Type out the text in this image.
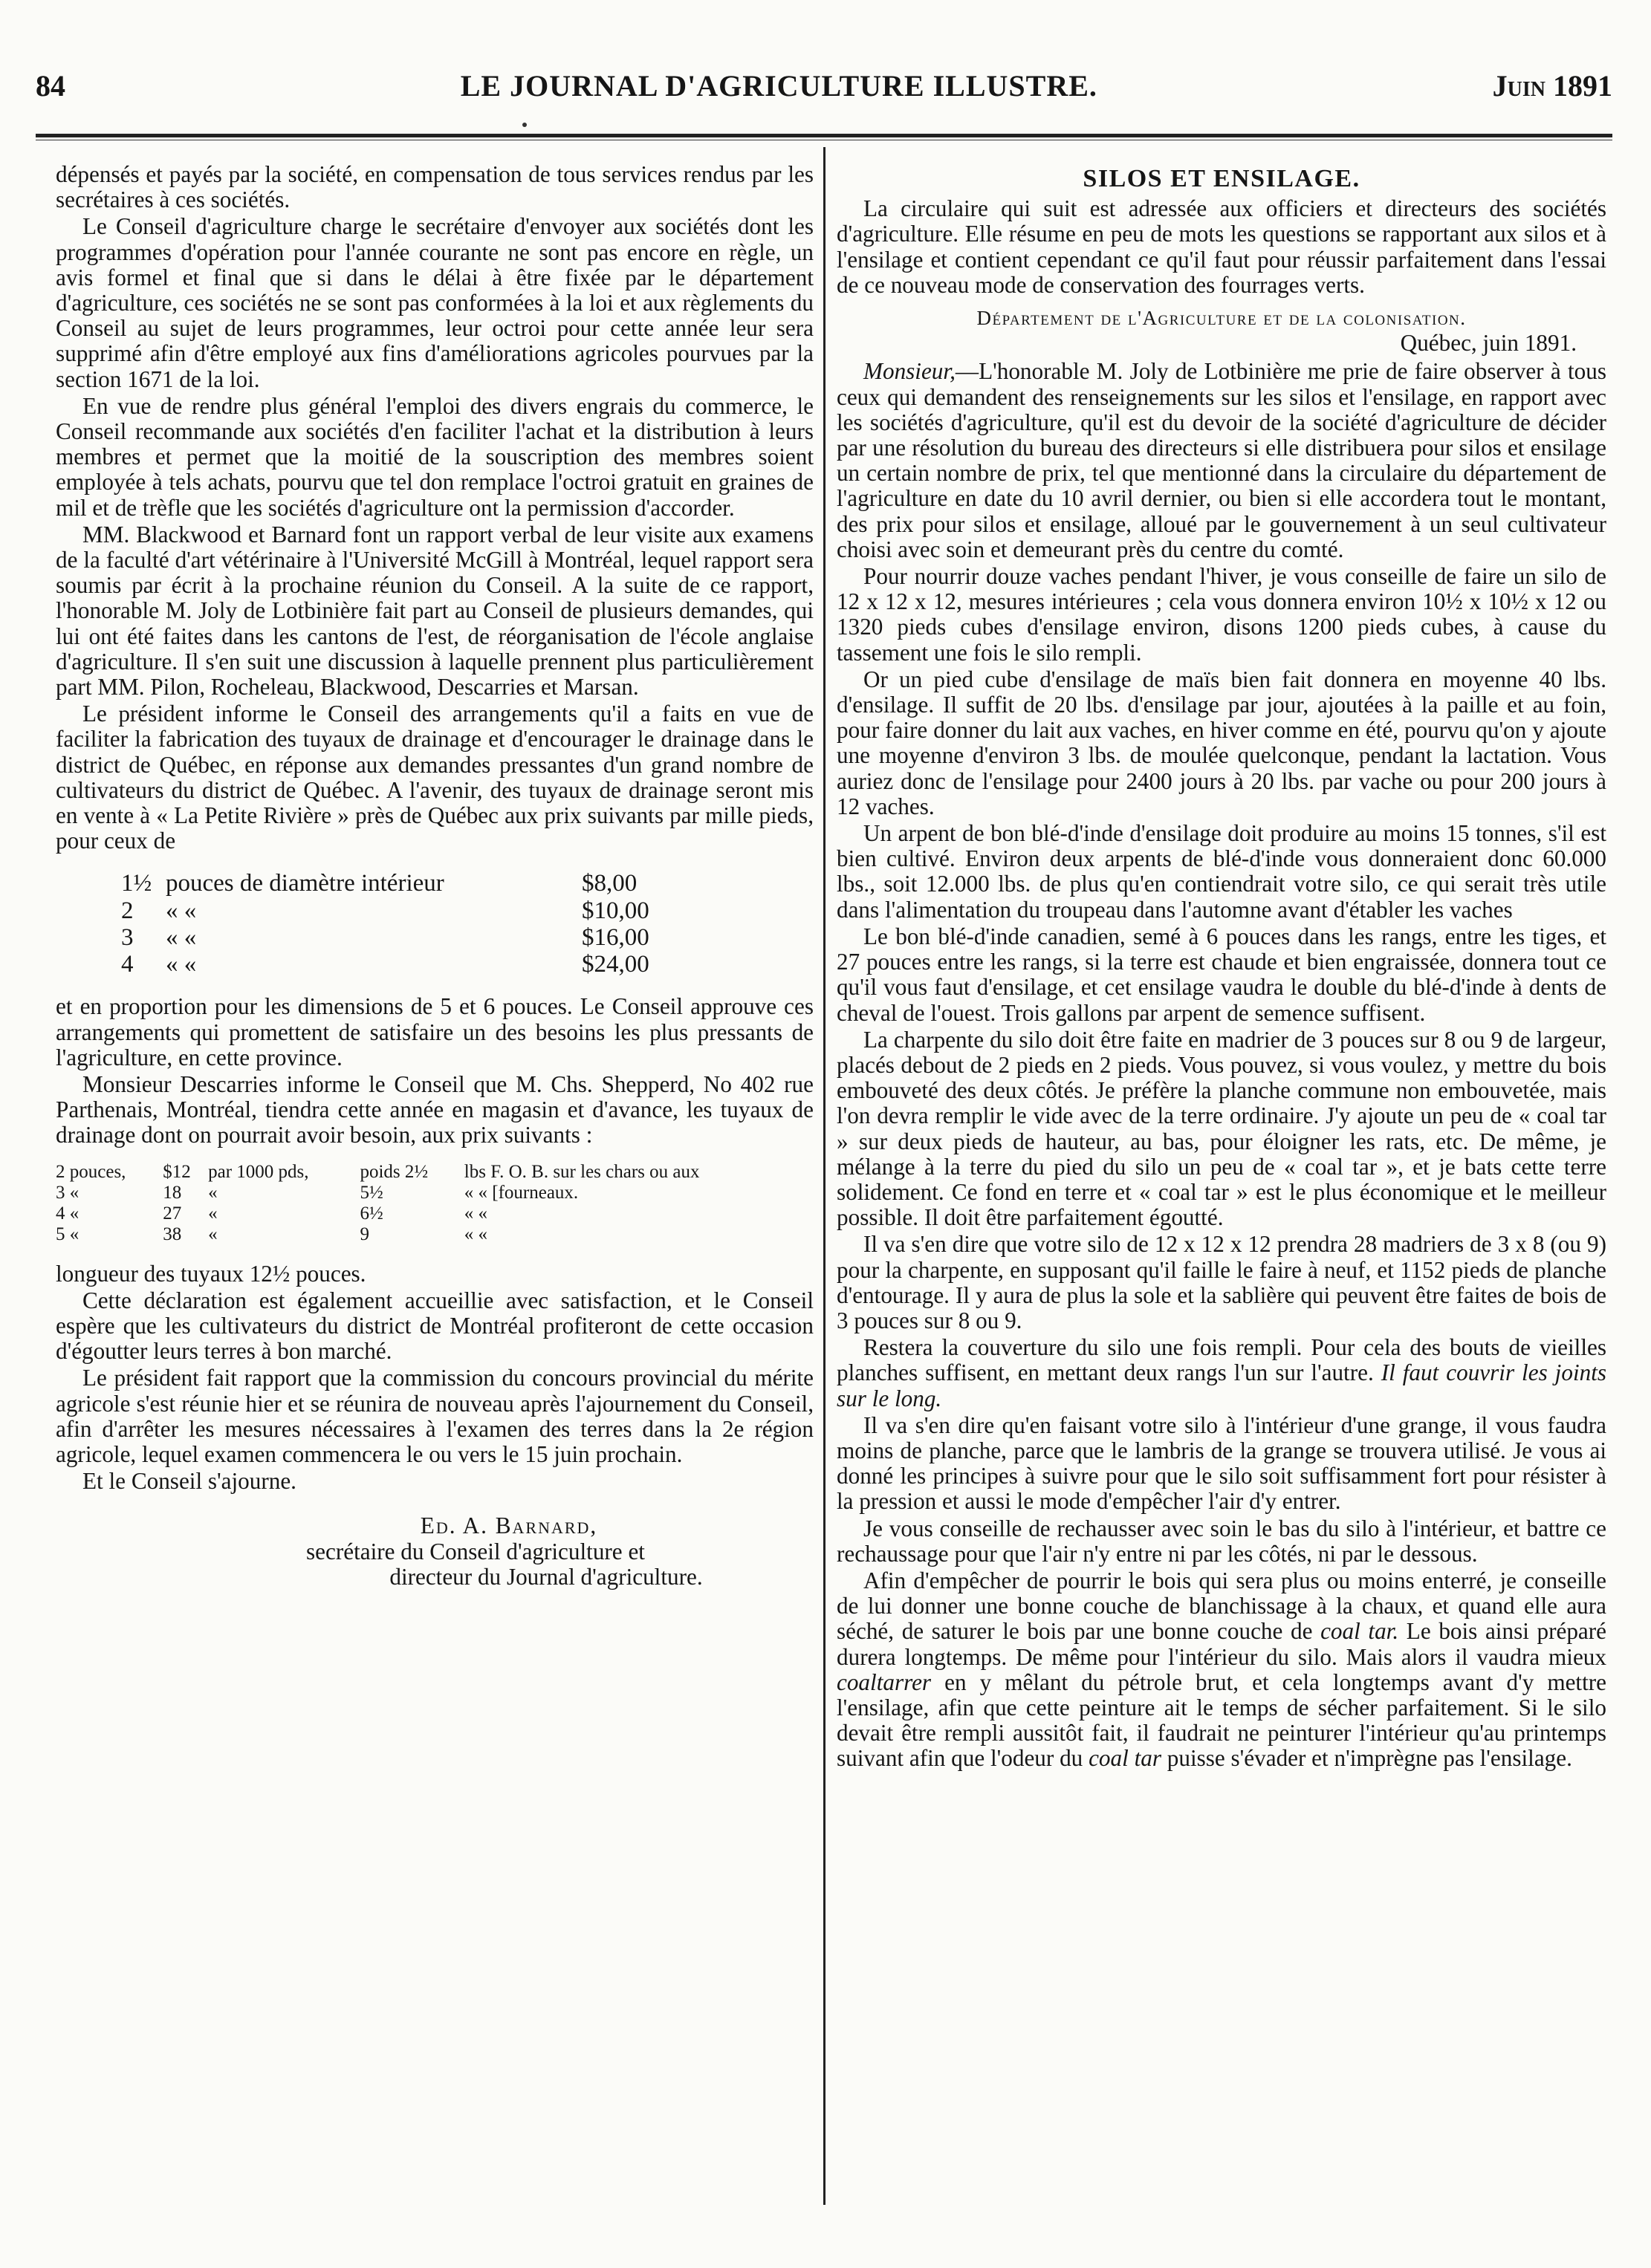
84	LE JOURNAL D'AGRICULTURE ILLUSTRE.	Juin 1891

dépensés et payés par la société, en compensation de tous services rendus par les secrétaires à ces sociétés.

Le Conseil d'agriculture charge le secrétaire d'envoyer aux sociétés dont les programmes d'opération pour l'année courante ne sont pas encore en règle, un avis formel et final que si dans le délai à être fixée par le département d'agriculture, ces sociétés ne se sont pas conformées à la loi et aux règlements du Conseil au sujet de leurs programmes, leur octroi pour cette année leur sera supprimé afin d'être employé aux fins d'améliorations agricoles pourvues par la section 1671 de la loi.

En vue de rendre plus général l'emploi des divers engrais du commerce, le Conseil recommande aux sociétés d'en faciliter l'achat et la distribution à leurs membres et permet que la moitié de la souscription des membres soient employée à tels achats, pourvu que tel don remplace l'octroi gratuit en graines de mil et de trèfle que les sociétés d'agriculture ont la permission d'accorder.

MM. Blackwood et Barnard font un rapport verbal de leur visite aux examens de la faculté d'art vétérinaire à l'Université McGill à Montréal, lequel rapport sera soumis par écrit à la prochaine réunion du Conseil. A la suite de ce rapport, l'honorable M. Joly de Lotbinière fait part au Conseil de plusieurs demandes, qui lui ont été faites dans les cantons de l'est, de réorganisation de l'école anglaise d'agriculture. Il s'en suit une discussion à laquelle prennent plus particulièrement part MM. Pilon, Rocheleau, Blackwood, Descarries et Marsan.

Le président informe le Conseil des arrangements qu'il a faits en vue de faciliter la fabrication des tuyaux de drainage et d'encourager le drainage dans le district de Québec, en réponse aux demandes pressantes d'un grand nombre de cultivateurs du district de Québec. A l'avenir, des tuyaux de drainage seront mis en vente à « La Petite Rivière » près de Québec aux prix suivants par mille pieds, pour ceux de

1½	pouces de diamètre intérieur	$8,00
2	« «	$10,00
3	« «	$16,00
4	« «	$24,00

et en proportion pour les dimensions de 5 et 6 pouces. Le Conseil approuve ces arrangements qui promettent de satisfaire un des besoins les plus pressants de l'agriculture, en cette province.

Monsieur Descarries informe le Conseil que M. Chs. Shepperd, No 402 rue Parthenais, Montréal, tiendra cette année en magasin et d'avance, les tuyaux de drainage dont on pourrait avoir besoin, aux prix suivants :

2 pouces,	$12	par 1000 pds,	poids 2½	lbs F. O. B. sur les chars ou aux
3 «	18	«	5½	« « [fourneaux.
4 «	27	«	6½	« «
5 «	38	«	9	« «

longueur des tuyaux 12½ pouces.

Cette déclaration est également accueillie avec satisfaction, et le Conseil espère que les cultivateurs du district de Montréal profiteront de cette occasion d'égoutter leurs terres à bon marché.

Le président fait rapport que la commission du concours provincial du mérite agricole s'est réunie hier et se réunira de nouveau après l'ajournement du Conseil, afin d'arrêter les mesures nécessaires à l'examen des terres dans la 2e région agricole, lequel examen commencera le ou vers le 15 juin prochain.

Et le Conseil s'ajourne.

Ed. A. Barnard,
secrétaire du Conseil d'agriculture et
directeur du Journal d'agriculture.
SILOS ET ENSILAGE.

La circulaire qui suit est adressée aux officiers et directeurs des sociétés d'agriculture. Elle résume en peu de mots les questions se rapportant aux silos et à l'ensilage et contient cependant ce qu'il faut pour réussir parfaitement dans l'essai de ce nouveau mode de conservation des fourrages verts.

Département de l'Agriculture et de la colonisation.
Québec, juin 1891.

Monsieur,—L'honorable M. Joly de Lotbinière me prie de faire observer à tous ceux qui demandent des renseignements sur les silos et l'ensilage, en rapport avec les sociétés d'agriculture, qu'il est du devoir de la société d'agriculture de décider par une résolution du bureau des directeurs si elle distribuera pour silos et ensilage un certain nombre de prix, tel que mentionné dans la circulaire du département de l'agriculture en date du 10 avril dernier, ou bien si elle accordera tout le montant, des prix pour silos et ensilage, alloué par le gouvernement à un seul cultivateur choisi avec soin et demeurant près du centre du comté.

Pour nourrir douze vaches pendant l'hiver, je vous conseille de faire un silo de 12 x 12 x 12, mesures intérieures ; cela vous donnera environ 10½ x 10½ x 12 ou 1320 pieds cubes d'ensilage environ, disons 1200 pieds cubes, à cause du tassement une fois le silo rempli.

Or un pied cube d'ensilage de maïs bien fait donnera en moyenne 40 lbs. d'ensilage. Il suffit de 20 lbs. d'ensilage par jour, ajoutées à la paille et au foin, pour faire donner du lait aux vaches, en hiver comme en été, pourvu qu'on y ajoute une moyenne d'environ 3 lbs. de moulée quelconque, pendant la lactation. Vous auriez donc de l'ensilage pour 2400 jours à 20 lbs. par vache ou pour 200 jours à 12 vaches.

Un arpent de bon blé-d'inde d'ensilage doit produire au moins 15 tonnes, s'il est bien cultivé. Environ deux arpents de blé-d'inde vous donneraient donc 60.000 lbs., soit 12.000 lbs. de plus qu'en contiendrait votre silo, ce qui serait très utile dans l'alimentation du troupeau dans l'automne avant d'établer les vaches

Le bon blé-d'inde canadien, semé à 6 pouces dans les rangs, entre les tiges, et 27 pouces entre les rangs, si la terre est chaude et bien engraissée, donnera tout ce qu'il vous faut d'ensilage, et cet ensilage vaudra le double du blé-d'inde à dents de cheval de l'ouest. Trois gallons par arpent de semence suffisent.

La charpente du silo doit être faite en madrier de 3 pouces sur 8 ou 9 de largeur, placés debout de 2 pieds en 2 pieds. Vous pouvez, si vous voulez, y mettre du bois embouveté des deux côtés. Je préfère la planche commune non embouvetée, mais l'on devra remplir le vide avec de la terre ordinaire. J'y ajoute un peu de « coal tar » sur deux pieds de hauteur, au bas, pour éloigner les rats, etc. De même, je mélange à la terre du pied du silo un peu de « coal tar », et je bats cette terre solidement. Ce fond en terre et « coal tar » est le plus économique et le meilleur possible. Il doit être parfaitement égoutté.

Il va s'en dire que votre silo de 12 x 12 x 12 prendra 28 madriers de 3 x 8 (ou 9) pour la charpente, en supposant qu'il faille le faire à neuf, et 1152 pieds de planche d'entourage. Il y aura de plus la sole et la sablière qui peuvent être faites de bois de 3 pouces sur 8 ou 9.

Restera la couverture du silo une fois rempli. Pour cela des bouts de vieilles planches suffisent, en mettant deux rangs l'un sur l'autre. Il faut couvrir les joints sur le long.

Il va s'en dire qu'en faisant votre silo à l'intérieur d'une grange, il vous faudra moins de planche, parce que le lambris de la grange se trouvera utilisé. Je vous ai donné les principes à suivre pour que le silo soit suffisamment fort pour résister à la pression et aussi le mode d'empêcher l'air d'y entrer.

Je vous conseille de rechausser avec soin le bas du silo à l'intérieur, et battre ce rechaussage pour que l'air n'y entre ni par les côtés, ni par le dessous.

Afin d'empêcher de pourrir le bois qui sera plus ou moins enterré, je conseille de lui donner une bonne couche de blanchissage à la chaux, et quand elle aura séché, de saturer le bois par une bonne couche de coal tar. Le bois ainsi préparé durera longtemps. De même pour l'intérieur du silo. Mais alors il vaudra mieux coaltarrer en y mêlant du pétrole brut, et cela longtemps avant d'y mettre l'ensilage, afin que cette peinture ait le temps de sécher parfaitement. Si le silo devait être rempli aussitôt fait, il faudrait ne peinturer l'intérieur qu'au printemps suivant afin que l'odeur du coal tar puisse s'évader et n'imprègne pas l'ensilage.
